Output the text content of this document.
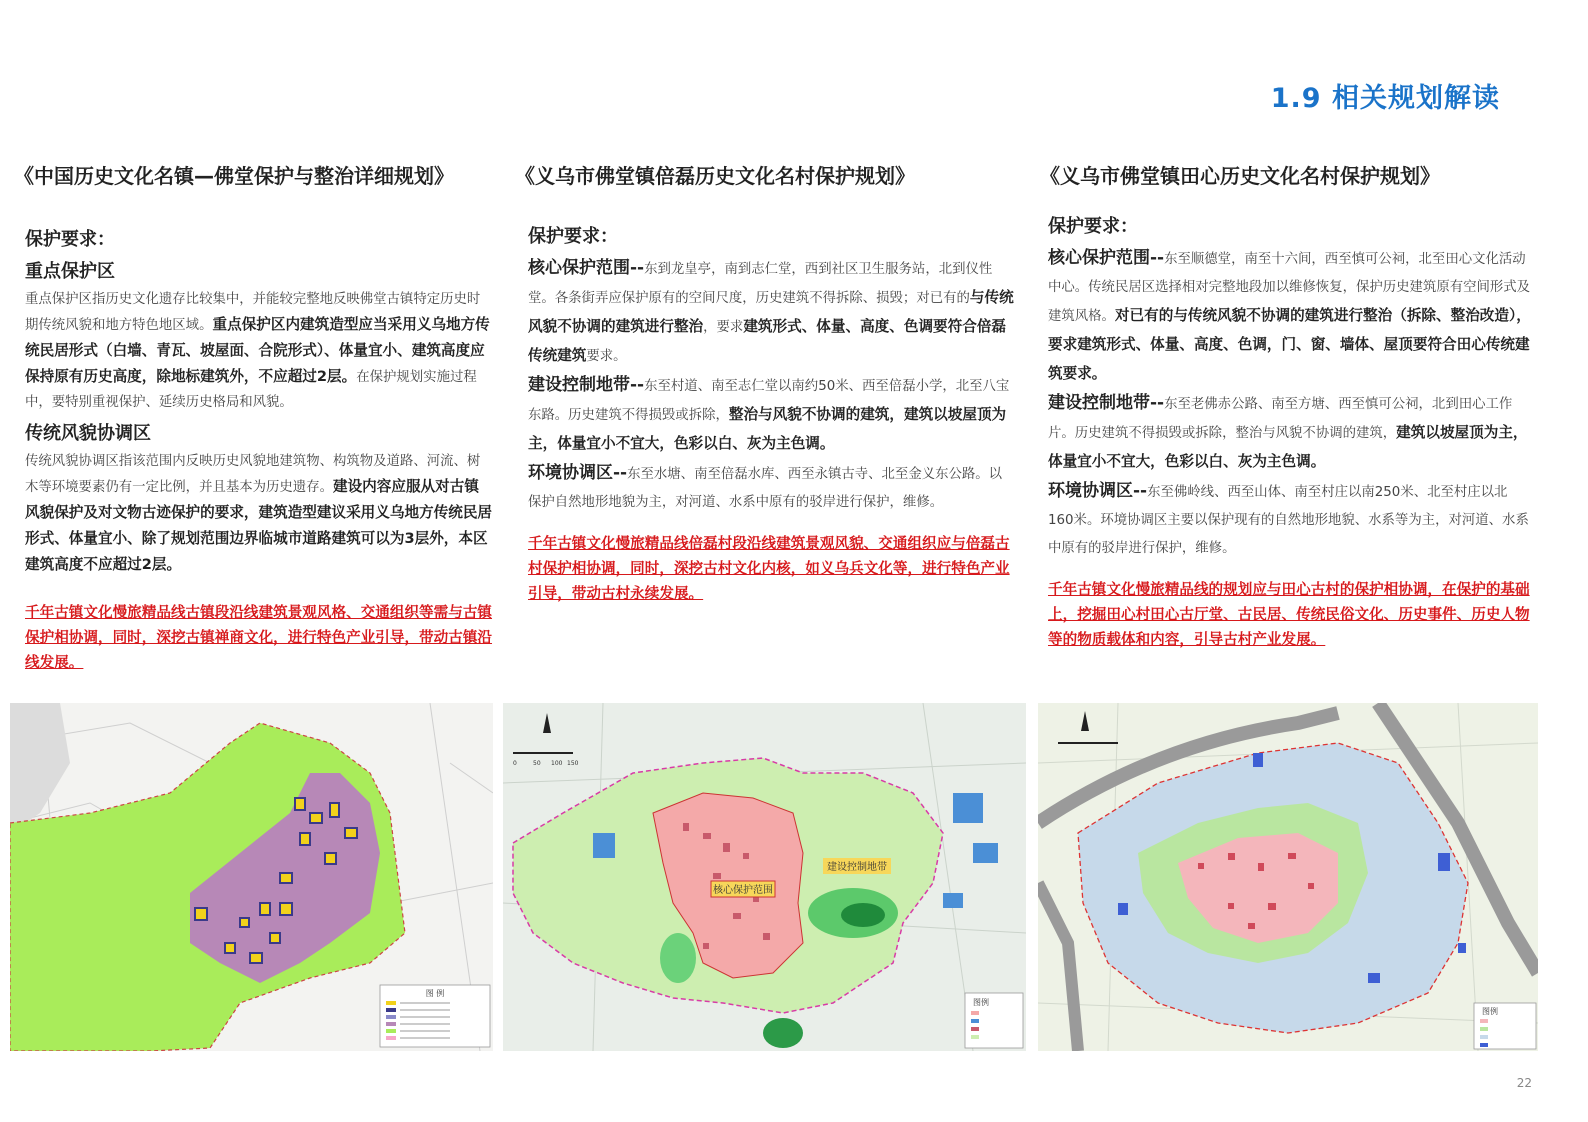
1.9 相关规划解读
《中国历史文化名镇—佛堂保护与整治详细规划》
保护要求：
重点保护区

重点保护区指历史文化遗存比较集中，并能较完整地反映佛堂古镇特定历史时期传统风貌和地方特色地区域。重点保护区内建筑造型应当采用义乌地方传统民居形式（白墙、青瓦、坡屋面、合院形式）、体量宜小、建筑高度应保持原有历史高度，除地标建筑外，不应超过2层。在保护规划实施过程中，要特别重视保护、延续历史格局和风貌。

传统风貌协调区

传统风貌协调区指该范围内反映历史风貌地建筑物、构筑物及道路、河流、树木等环境要素仍有一定比例，并且基本为历史遗存。建设内容应服从对古镇风貌保护及对文物古迹保护的要求，建筑造型建议采用义乌地方传统民居形式、体量宜小、除了规划范围边界临城市道路建筑可以为3层外，本区建筑高度不应超过2层。

千年古镇文化慢旅精品线古镇段沿线建筑景观风格、交通组织等需与古镇保护相协调，同时，深挖古镇禅商文化，进行特色产业引导，带动古镇沿线发展。

《义乌市佛堂镇倍磊历史文化名村保护规划》
保护要求：

核心保护范围--东到龙皇亭，南到志仁堂，西到社区卫生服务站，北到仪性堂。各条街弄应保护原有的空间尺度，历史建筑不得拆除、损毁；对已有的与传统风貌不协调的建筑进行整治，要求建筑形式、体量、高度、色调要符合倍磊传统建筑要求。

建设控制地带--东至村道、南至志仁堂以南约50米、西至倍磊小学，北至八宝东路。历史建筑不得损毁或拆除，整治与风貌不协调的建筑，建筑以坡屋顶为主，体量宜小不宜大，色彩以白、灰为主色调。

环境协调区--东至水塘、南至倍磊水库、西至永镇古寺、北至金义东公路。以保护自然地形地貌为主，对河道、水系中原有的驳岸进行保护，维修。

千年古镇文化慢旅精品线倍磊村段沿线建筑景观风貌、交通组织应与倍磊古村保护相协调，同时，深挖古村文化内核，如义乌兵文化等，进行特色产业引导，带动古村永续发展。

《义乌市佛堂镇田心历史文化名村保护规划》
保护要求：

核心保护范围--东至顺德堂，南至十六间，西至慎可公祠，北至田心文化活动中心。传统民居区选择相对完整地段加以维修恢复，保护历史建筑原有空间形式及建筑风格。对已有的与传统风貌不协调的建筑进行整治（拆除、整治改造），要求建筑形式、体量、高度、色调，门、窗、墙体、屋顶要符合田心传统建筑要求。

建设控制地带--东至老佛赤公路、南至方塘、西至慎可公祠，北到田心工作片。历史建筑不得损毁或拆除，整治与风貌不协调的建筑，建筑以坡屋顶为主，体量宜小不宜大，色彩以白、灰为主色调。

环境协调区--东至佛岭线、西至山体、南至村庄以南250米、北至村庄以北160米。环境协调区主要以保护现有的自然地形地貌、水系等为主，对河道、水系中原有的驳岸进行保护，维修。

千年古镇文化慢旅精品线的规划应与田心古村的保护相协调，在保护的基础上，挖掘田心村田心古厅堂、古民居、传统民俗文化、历史事件、历史人物等的物质载体和内容，引导古村产业发展。

图 例
核心保护范围
建设控制地带
0	50 100 150
图例
图例
22
